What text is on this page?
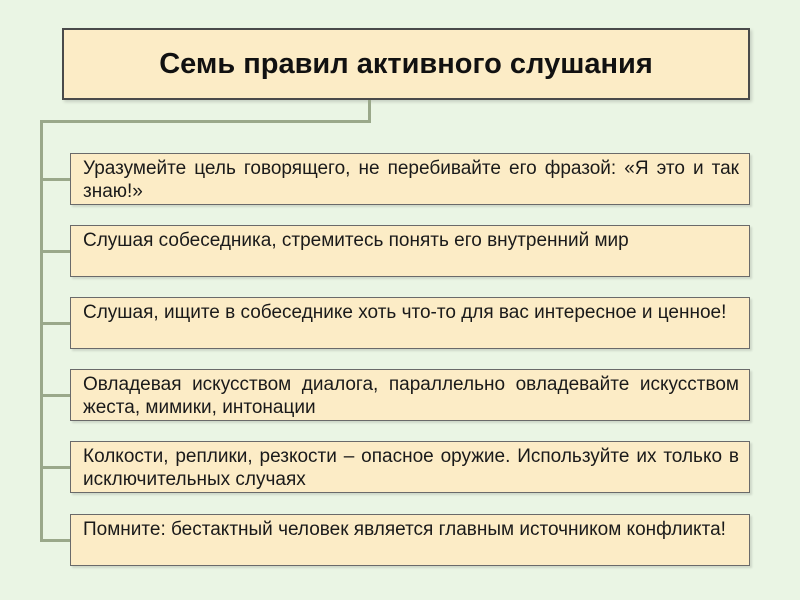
Семь правил активного слушания

Уразумейте цель говорящего, не перебивайте его фразой: «Я это и так знаю!»

Слушая собеседника, стремитесь понять его внутренний мир

Слушая, ищите в собеседнике хоть что-то для вас интересное и ценное!

Овладевая искусством диалога, параллельно овладевайте искусством жеста, мимики, интонации

Колкости, реплики, резкости – опасное оружие. Используйте их только в исключительных случаях

Помните: бестактный человек является главным источником конфликта!
